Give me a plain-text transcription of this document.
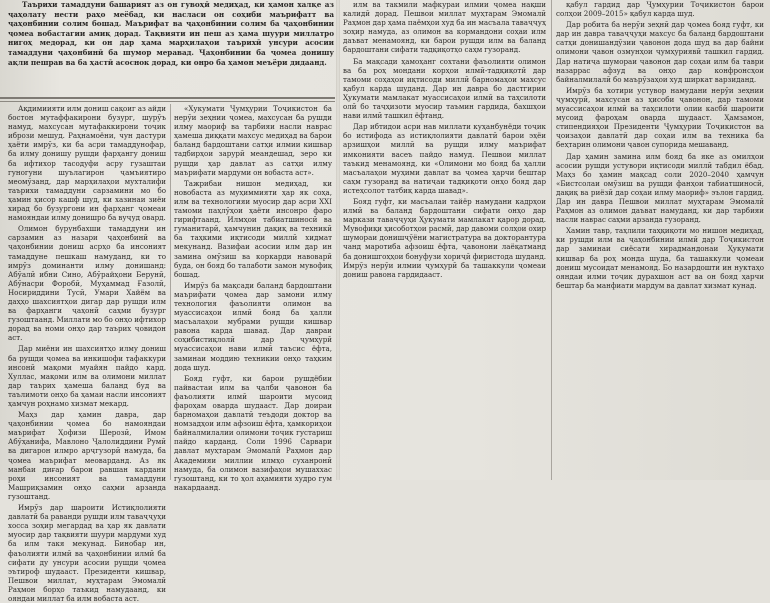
Таърихи тамаддуни башарият аз он гувоҳӣ медиҳад, ки ҳамон халқе аз ҷаҳолату нести раҳо меёбад, ки насласи он соҳиби маърифатт ва ҷаҳонбинии солим бошад. Маърифат ва ҷаҳонбинии солим ба ҷаҳонбинии ҷомеа вобастагии амиқ дорад. Тақвияти ин пеш аз ҳама шуури миллатро нигоҳ медорад, ки он дар ҳама марҳилаҳои таърихӣ унсури асосии тамаддуни ҷаҳонбинӣ ба шумор меравад. Ҷаҳонбинии ба ҷомеа донишу ақли пешрав ва ба ҳастӣ асоснок дорад, ки онро ба ҳамон меъёри дидаанд.

Ақдимиияти илм дониш сақоиг аз айди бостон мутаффакирони бузург, шурӯъ намуд, махсусан мутафаккирони тоҷик ибрози мешуд. Раҳнамоёни, чун дастури ҳаёти имрӯз, ки ба асри тамаддунофар, ба илму донишу рушди фарҳангу дониш ба ифтихор тасодуфи асру гузаштаи гуногуни шуълагирон ҷамъиятиро меомӯзанд, дар марҳилаҳои мухталифи таърихи тамаддуни сарзамини мо бо ҳамин ҳисор кашф шуд, ки хазинаи зиёи хирад бо бузургони ин фарҳанг ҷомеаи намояндаи илму донишро ба вуҷуд овард.

Олимон бурунбахши тамаддуни ин сарзамин аз назари ҷаҳонбинӣ ва ҷаҳонбинии дониш асрҳо ба инсоният тамаддуне пешкаш намуданд, ки то имрӯз доминанти илму донишанд: Абӯалӣ ибни Сино, Абӯрайҳони Берунӣ, Абӯнасри Форобӣ, Муҳаммад Ғазолӣ, Носириддини Тусӣ, Умари Хайём ва даҳҳо шахсиятҳои дигар дар рушди илм ва фарҳанги ҷаҳонӣ саҳми бузург гузоштаанд. Миллати мо бо онҳо ифтихор дорад ва номи онҳо дар таърих ҷовидон аст.

Дар миёни ин шахсиятҳо илму дониш ба рушди ҷомеа ва инкишофи тафаккури инсонӣ мақоми муайян пайдо кард. Хуллас, мақоми илм ва олимони миллат дар таърих ҳамеша баланд буд ва таълимоти онҳо ба ҳамаи насли инсоният ҳамчун роҳнамо хизмат мекард.

Маҳз дар ҳамин давра, дар ҷаҳонбинии ҷомеа бо намояндаи маърифат Ҳофизи Шерозӣ, Имом Абӯҳанифа, Мавлоно Ҷалолиддини Румӣ ва дигарон илмро арҷгузорӣ намуда, ба ҷомеа маърифат меоварданд. Аз як манбаи диғар барои равшан кардани роҳи инсоният ва тамаддуни Машриқзамин онҳо саҳми арзанда гузоштанд.

Имрӯз дар шароити Истиқлолияти давлатӣ ба раванди рушди илм таваҷҷуҳи хосса зоҳир мегардад ва ҳар як давлати муосир дар тақвияти шуури мардуми худ ба илм такя мекунад. Бинобар ин, фаъолияти илмӣ ва ҷаҳонбинии илмӣ ба сифати ду унсури асосии рушди ҷомеа эътироф шудааст. Президенти кишвар, Пешвои миллат, муҳтарам Эмомалӣ Раҳмон борҳо таъкид намудаанд, ки ояндаи миллат ба илм вобаста аст.

«Хукумати Ҷумҳурии Тоҷикистон ба нерӯи зеҳнии ҷомеа, махсусан ба рушди илму маориф ва тарбияи насли наврас ҳамеша диққати махсус медиҳад ва барои баланд бардоштани сатҳи илмии кишвар тадбирҳои зарурӣ меандешад, зеро ки рушди ҳар давлат аз сатҳи илму маърифати мардуми он вобаста аст».

Тажрибаи нишон медиҳад, ки новобаста аз муҳиммияти ҳар як соҳа, илм ва технологияи муосир дар асри XXI тамоми паҳлӯҳои ҳаёти инсонро фаро гирифтаанд. Илмҳои табиатшиносӣ ва гуманитарӣ, ҳамчунин дақиқ ва техникӣ ба таҳкими иқтисоди миллӣ хидмат мекунанд. Вазифаи асосии илм дар ин замина омӯзиш ва коркарди навоварӣ буда, он бояд бо талаботи замон мувофиқ бошад.

Имрӯз ба мақсади баланд бардоштани маърифати ҷомеа дар замони илму технология фаъолияти олимон ва муассисаҳои илмӣ бояд ба ҳалли масъалаҳои мубрами рушди кишвар равона карда шавад. Дар давраи соҳибистиқлолӣ дар ҷумҳурӣ муассисаҳои нави илмӣ таъсис ёфта, заминаи моддию техникии онҳо таҳким дода шуд.

Бояд гуфт, ки барои рушдёбии пайвастаи илм ва ҷалби ҷавонон ба фаъолияти илмӣ шароити мусоид фароҳам оварда шудааст. Дар доираи барномаҳои давлатӣ теъдоди доктор ва номзадҳои илм афзоиш ёфта, ҳамкориҳои байналмилалии олимони тоҷик густариш пайдо карданд. Соли 1996 Сарвари давлат муҳтарам Эмомалӣ Раҳмон дар Академияи миллии илмҳо суханронӣ намуда, ба олимон вазифаҳои мушаххас гузоштанд, ки то ҳол аҳамияти худро гум накардаанд.

илм ва такмили мафкураи илмии ҷомеа нақши калидӣ дорад. Пешвои миллат муҳтарам Эмомалӣ Раҳмон дар ҳама паёмҳои худ ба ин масъала таваҷҷуҳ зоҳир намуда, аз олимон ва кормандони соҳаи илм даъват менамоянд, ки барои рушди илм ва баланд бардоштани сифати тадқиқотҳо саҳм гузоранд.

Ба мақсади ҳамоҳанг сохтани фаъолияти олимон ва ба роҳ мондани корҳои илмӣ-тадқиқотӣ дар тамоми соҳаҳои иқтисоди миллӣ барномаҳои махсус қабул карда шуданд. Дар ин давра бо дастгирии Ҳукумати мамлакат муассисаҳои илмӣ ва таҳсилоти олӣ бо таҷҳизоти муосир таъмин гардида, бахшҳои нави илмӣ ташкил ёфтанд.

Дар ибтидои асри нав миллати куҳанбунёди тоҷик бо истифода аз истиқлолияти давлатӣ барои эҳёи арзишҳои миллӣ ва рушди илму маърифат имконияти васеъ пайдо намуд. Пешвои миллат таъкид менамоянд, ки «Олимони мо бояд ба ҳалли масъалаҳои муҳими давлат ва ҷомеа ҳарчи бештар саҳм гузоранд ва натиҷаи тадқиқоти онҳо бояд дар истеҳсолот татбиқ карда шавад».

Бояд гуфт, ки масъалаи тайёр намудани кадрҳои илмӣ ва баланд бардоштани сифати онҳо дар маркази таваҷҷуҳи Ҳукумати мамлакат қарор дорад. Мувофиқи ҳисоботҳои расмӣ, дар давоми солҳои охир шумораи донишҷӯёни магистратура ва докторантура чанд маротиба афзоиш ёфта, ҷавонони лаёқатманд ба донишгоҳҳои бонуфузи хориҷӣ фиристода шуданд. Имрӯз нерӯи илмии ҷумҳурӣ ба ташаккули ҷомеаи дониш равона гардидааст.

қабул гардид дар Ҷумҳурии Тоҷикистон барои солҳои 2009–2015» қабул карда шуд.

Дар робита ба нерӯи зеҳнӣ дар ҷомеа бояд гуфт, ки дар ин давра таваҷҷуҳи махсус ба баланд бардоштани сатҳи донишандӯзии ҷавонон дода шуд ва дар байни олимони ҷавон озмунҳои ҷумҳуриявӣ ташкил гардид. Дар натиҷа шумораи ҷавонон дар соҳаи илм ба таври назаррас афзуд ва онҳо дар конфронсҳои байналмилалӣ бо маърӯзаҳои худ ширкат варзиданд.

Имрӯз ба хотири устувор намудани нерӯи зеҳнии ҷумҳурӣ, махсусан аз ҳисоби ҷавонон, дар тамоми муассисаҳои илмӣ ва таҳсилоти олии касбӣ шароити мусоид фароҳам оварда шудааст. Ҳамзамон, стипендияҳои Президенти Ҷумҳурии Тоҷикистон ва ҷоизаҳои давлатӣ дар соҳаи илм ва техника ба беҳтарин олимони ҷавон супорида мешаванд.

Дар ҳамин замина илм бояд ба яке аз омилҳои асосии рушди устувори иқтисоди миллӣ табдил ёбад. Маҳз бо ҳамин мақсад соли 2020–2040 ҳамчун «Бистсолаи омӯзиш ва рушди фанҳои табиатшиносӣ, дақиқ ва риёзӣ дар соҳаи илму маориф» эълон гардид. Дар ин давра Пешвои миллат муҳтарам Эмомалӣ Раҳмон аз олимон даъват намуданд, ки дар тарбияи насли наврас саҳми арзанда гузоранд.

Хамин тавр, таҳлили таҳқиқоти мо нишон медиҳад, ки рушди илм ва ҷаҳонбинии илмӣ дар Тоҷикистон дар заминаи сиёсати хирадмандонаи Ҳукумати кишвар ба роҳ монда шуда, ба ташаккули ҷомеаи дониш мусоидат менамояд. Бо назардошти ин нуктаҳо ояндаи илми тоҷик дурахшон аст ва он бояд ҳарчи бештар ба манфиати мардум ва давлат хизмат кунад.
